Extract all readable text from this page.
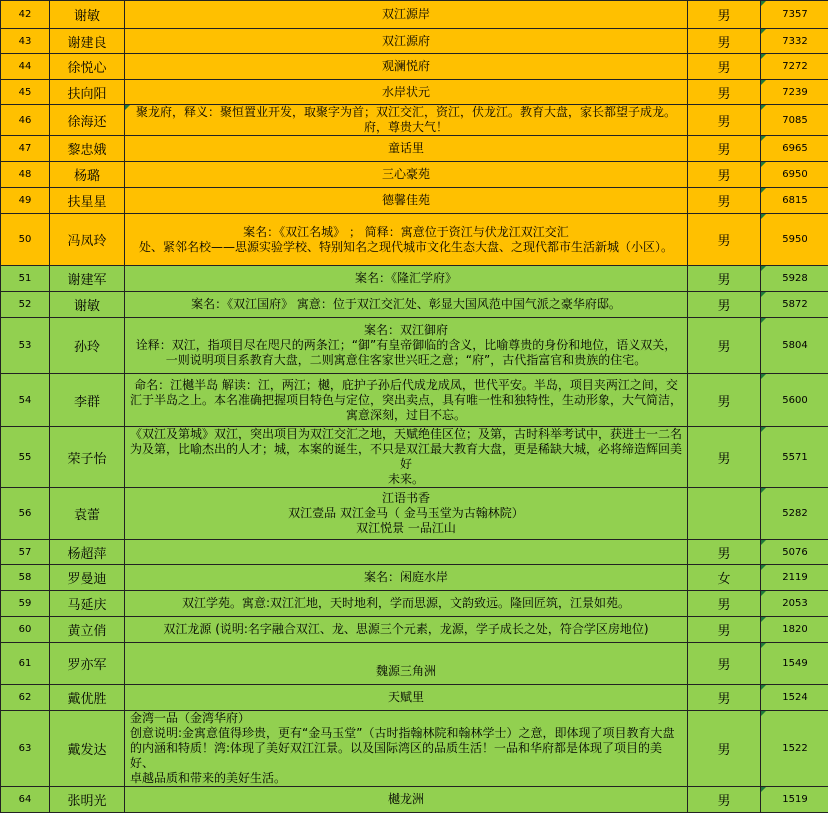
42	谢敏	双江源岸	男	7357
43	谢建良	双江源府	男	7332
44	徐悦心	观澜悦府	男	7272
45	扶向阳	水岸状元	男	7239
46	徐海还	聚龙府，释义：聚恒置业开发，取聚字为首；双江交汇，资江，伏龙江。教育大盘，家长都望子成龙。
府，尊贵大气！	男	7085
47	黎忠娥	童话里	男	6965
48	杨璐	三心豪苑	男	6950
49	扶星星	德馨佳苑	男	6815
50	冯凤玲	案名：《双江名城》 ； 简释：寓意位于资江与伏龙江双江交汇
处、紧邻名校——思源实验学校、特别知名之现代城市文化生态大盘、之现代都市生活新城（小区）。	男	5950
51	谢建军	案名：《隆汇学府》	男	5928
52	谢敏	案名：《双江国府》 寓意：位于双江交汇处、彰显大国风范中国气派之豪华府邸。	男	5872
53	孙玲	案名：双江御府
诠释：双江，指项目尽在咫尺的两条江；“御”有皇帝御临的含义，比喻尊贵的身份和地位，语义双关，
一则说明项目系教育大盘，二则寓意住客家世兴旺之意；“府”，古代指富官和贵族的住宅。	男	5804
54	李群	命名：江樾半岛 解读：江，两江；樾，庇护子孙后代成龙成凤，世代平安。半岛，项目夹两江之间，交
汇于半岛之上。本名准确把握项目特色与定位，突出卖点，具有唯一性和独特性，生动形象，大气简洁，
寓意深刻，过目不忘。	男	5600
55	荣子怡	《双江及第城》双江，突出项目为双江交汇之地，天赋绝佳区位；及第，古时科举考试中，获进士一二名
为及第，比喻杰出的人才；城，本案的诞生，不只是双江最大教育大盘，更是稀缺大城，必将缔造辉回美好
未来。	男	5571
56	袁蕾	江语书香
双江壹品 双江金马（ 金马玉堂为古翰林院）
双江悦景 一品江山		5282
57	杨超萍		男	5076
58	罗曼迪	案名：闲庭水岸	女	2119
59	马延庆	双江学苑。寓意:双江汇地，天时地利，学而思源，文韵致远。隆回匠筑，江景如苑。	男	2053
60	黄立俏	双江龙源 (说明:名字融合双江、龙、思源三个元素，龙源，学子成长之处，符合学区房地位)	男	1820
61	罗亦军	
魏源三角洲	男	1549
62	戴优胜	天赋里	男	1524
63	戴发达	金湾一品（金湾华府）
创意说明:金寓意值得珍贵，更有“金马玉堂”（古时指翰林院和翰林学士）之意，即体现了项目教育大盘
的内涵和特质！湾:体现了美好双江江景。以及国际湾区的品质生活！一品和华府都是体现了项目的美好、
卓越品质和带来的美好生活。	男	1522
64	张明光	樾龙洲	男	1519
